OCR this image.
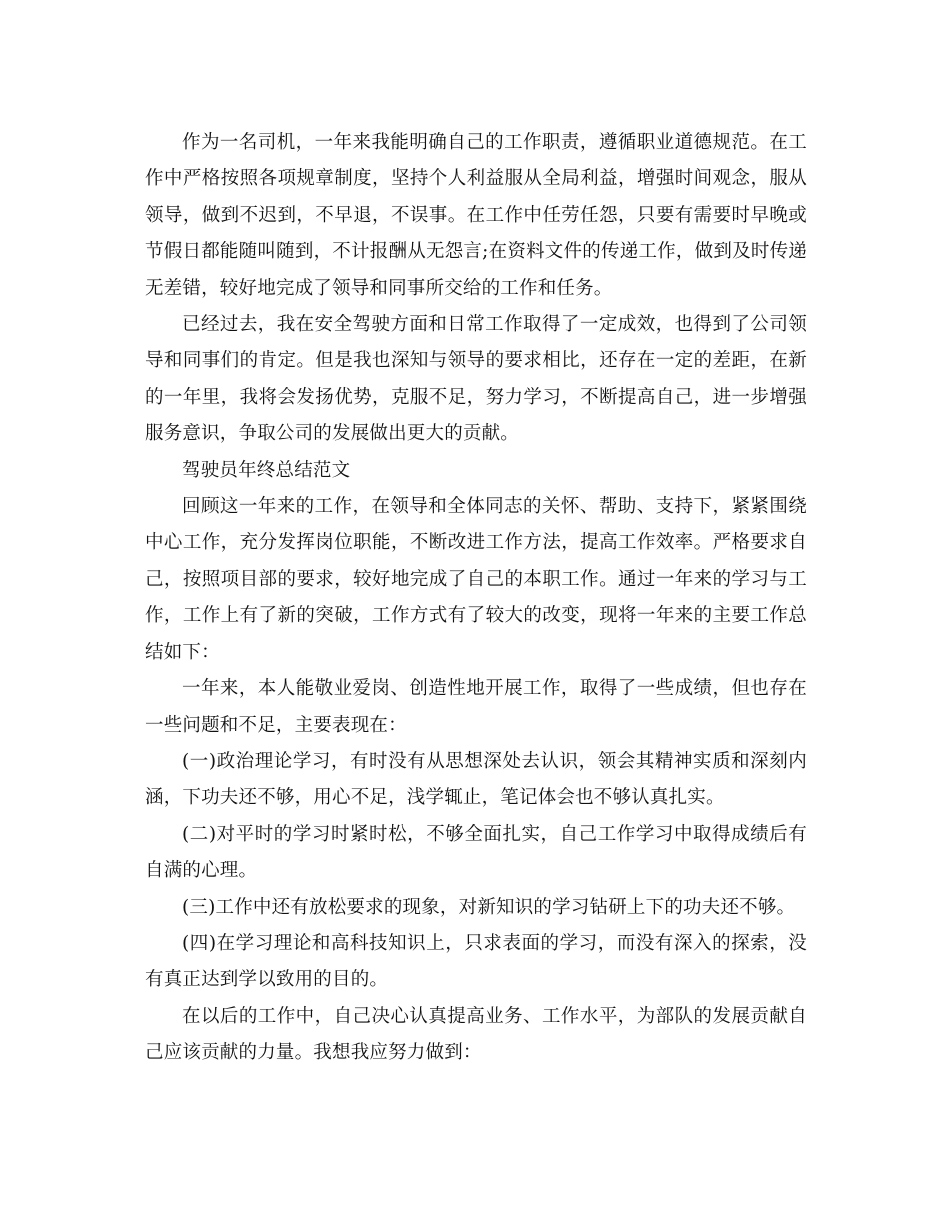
作为一名司机，一年来我能明确自己的工作职责，遵循职业道德规范。在工作中严格按照各项规章制度，坚持个人利益服从全局利益，增强时间观念，服从领导，做到不迟到，不早退，不误事。在工作中任劳任怨，只要有需要时早晚或节假日都能随叫随到，不计报酬从无怨言;在资料文件的传递工作，做到及时传递无差错，较好地完成了领导和同事所交给的工作和任务。

已经过去，我在安全驾驶方面和日常工作取得了一定成效，也得到了公司领导和同事们的肯定。但是我也深知与领导的要求相比，还存在一定的差距，在新的一年里，我将会发扬优势，克服不足，努力学习，不断提高自己，进一步增强服务意识，争取公司的发展做出更大的贡献。

驾驶员年终总结范文

回顾这一年来的工作，在领导和全体同志的关怀、帮助、支持下，紧紧围绕中心工作，充分发挥岗位职能，不断改进工作方法，提高工作效率。严格要求自己，按照项目部的要求，较好地完成了自己的本职工作。通过一年来的学习与工作，工作上有了新的突破，工作方式有了较大的改变，现将一年来的主要工作总结如下：

一年来，本人能敬业爱岗、创造性地开展工作，取得了一些成绩，但也存在一些问题和不足，主要表现在：

(一)政治理论学习，有时没有从思想深处去认识，领会其精神实质和深刻内涵，下功夫还不够，用心不足，浅学辄止，笔记体会也不够认真扎实。

(二)对平时的学习时紧时松，不够全面扎实，自己工作学习中取得成绩后有自满的心理。

(三)工作中还有放松要求的现象，对新知识的学习钻研上下的功夫还不够。

(四)在学习理论和高科技知识上，只求表面的学习，而没有深入的探索，没有真正达到学以致用的目的。

在以后的工作中，自己决心认真提高业务、工作水平，为部队的发展贡献自己应该贡献的力量。我想我应努力做到：
